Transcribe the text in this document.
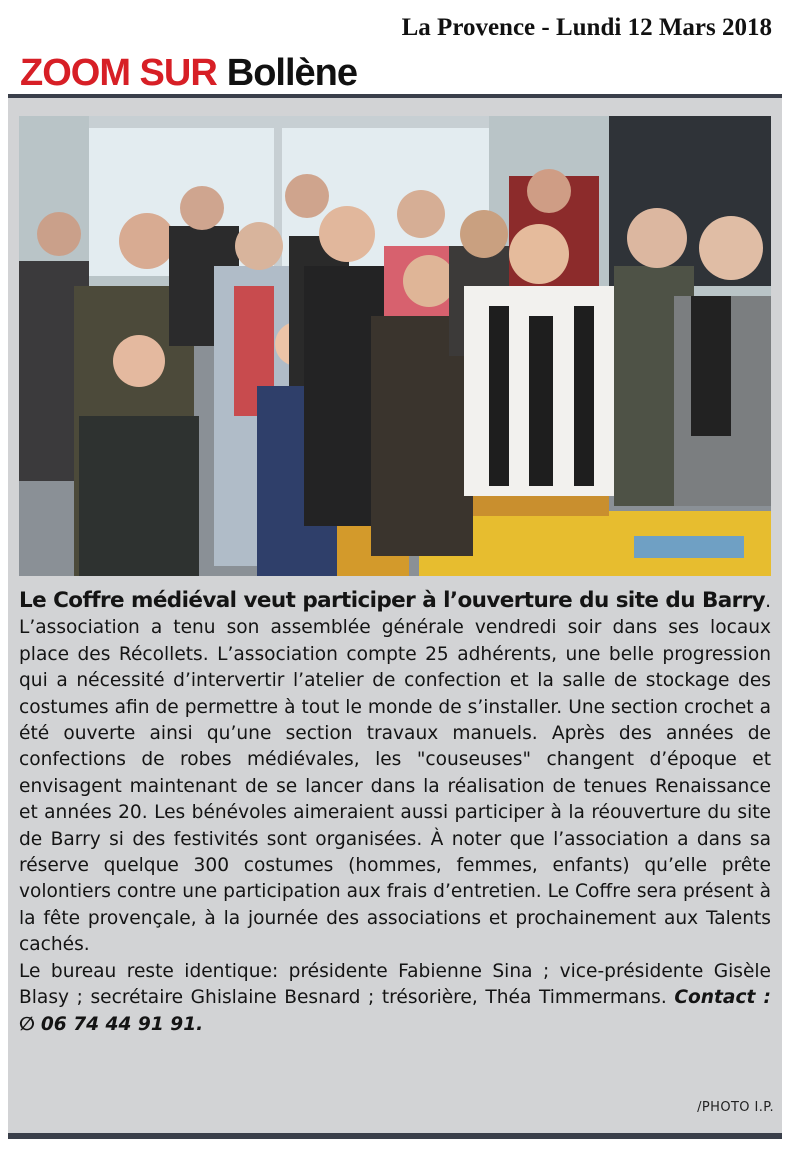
La Provence - Lundi 12 Mars 2018
ZOOM SUR Bollène

Le Coffre médiéval veut participer à l’ouverture du site du Barry. L’association a tenu son assemblée générale vendredi soir dans ses locaux place des Récollets. L’association compte 25 adhérents, une belle progression qui a nécessité d’intervertir l’atelier de confection et la salle de stockage des costumes afin de permettre à tout le monde de s’installer. Une section crochet a été ouverte ainsi qu’une section travaux manuels. Après des années de confections de robes médiévales, les "couseuses" changent d’époque et envisagent maintenant de se lancer dans la réalisation de tenues Renaissance et années 20. Les bénévoles aimeraient aussi participer à la réouverture du site de Barry si des festivités sont organisées. À noter que l’association a dans sa réserve quelque 300 costumes (hommes, femmes, enfants) qu’elle prête volontiers contre une participation aux frais d’entretien. Le Coffre sera présent à la fête provençale, à la journée des associations et prochainement aux Talents cachés.

Le bureau reste identique: présidente Fabienne Sina ; vice-présidente Gisèle Blasy ; secrétaire Ghislaine Besnard ; trésorière, Théa Timmermans. Contact : ∅ 06 74 44 91 91.

/PHOTO I.P.
